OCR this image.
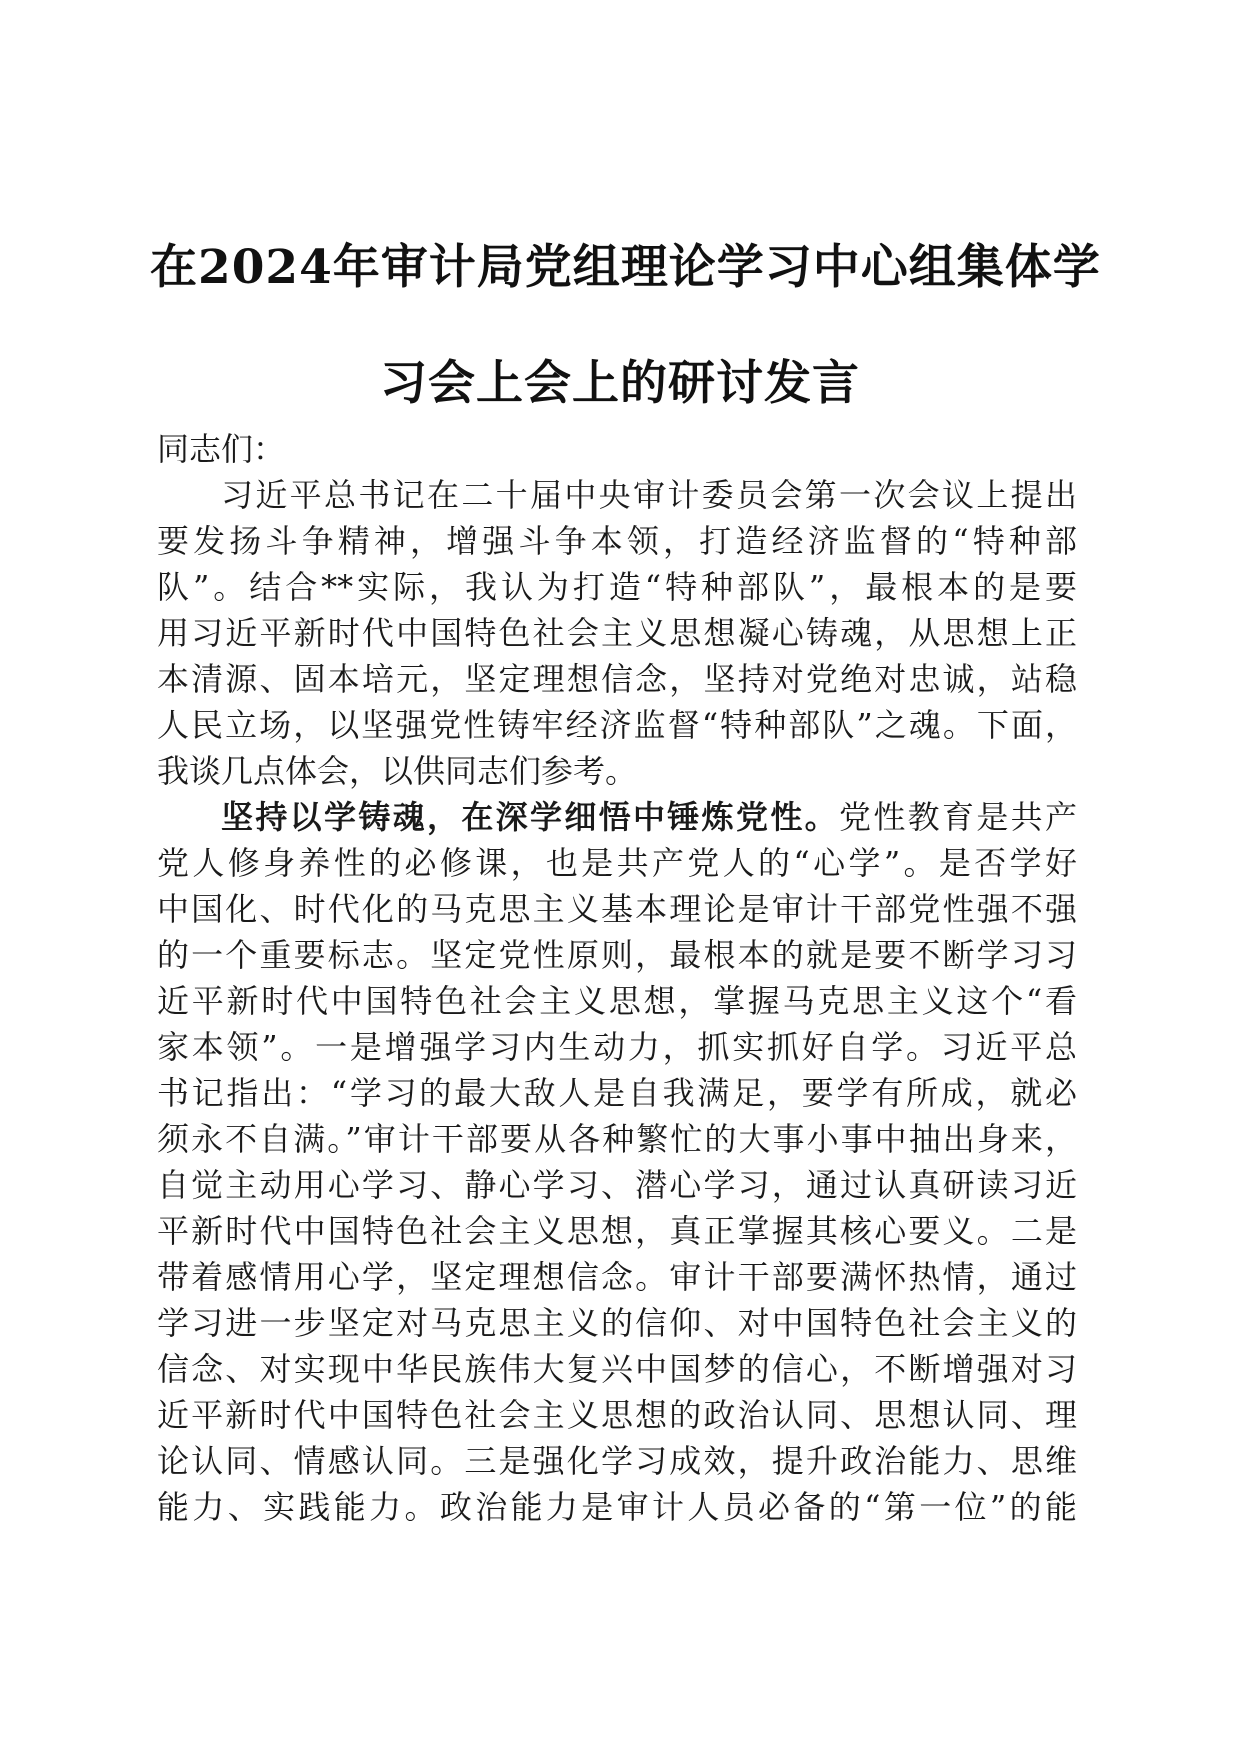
在2024年审计局党组理论学习中心组集体学
习会上会上的研讨发言
同志们：
习近平总书记在二十届中央审计委员会第一次会议上提出
要发扬斗争精神，增强斗争本领，打造经济监督的“特种部
队”。结合**实际，我认为打造“特种部队”，最根本的是要
用习近平新时代中国特色社会主义思想凝心铸魂，从思想上正
本清源、固本培元，坚定理想信念，坚持对党绝对忠诚，站稳
人民立场，以坚强党性铸牢经济监督“特种部队”之魂。下面，
我谈几点体会，以供同志们参考。
坚持以学铸魂，在深学细悟中锤炼党性。党性教育是共产
党人修身养性的必修课，也是共产党人的“心学”。是否学好
中国化、时代化的马克思主义基本理论是审计干部党性强不强
的一个重要标志。坚定党性原则，最根本的就是要不断学习习
近平新时代中国特色社会主义思想，掌握马克思主义这个“看
家本领”。一是增强学习内生动力，抓实抓好自学。习近平总
书记指出：“学习的最大敌人是自我满足，要学有所成，就必
须永不自满。”审计干部要从各种繁忙的大事小事中抽出身来，
自觉主动用心学习、静心学习、潜心学习，通过认真研读习近
平新时代中国特色社会主义思想，真正掌握其核心要义。二是
带着感情用心学，坚定理想信念。审计干部要满怀热情，通过
学习进一步坚定对马克思主义的信仰、对中国特色社会主义的
信念、对实现中华民族伟大复兴中国梦的信心，不断增强对习
近平新时代中国特色社会主义思想的政治认同、思想认同、理
论认同、情感认同。三是强化学习成效，提升政治能力、思维
能力、实践能力。政治能力是审计人员必备的“第一位”的能
